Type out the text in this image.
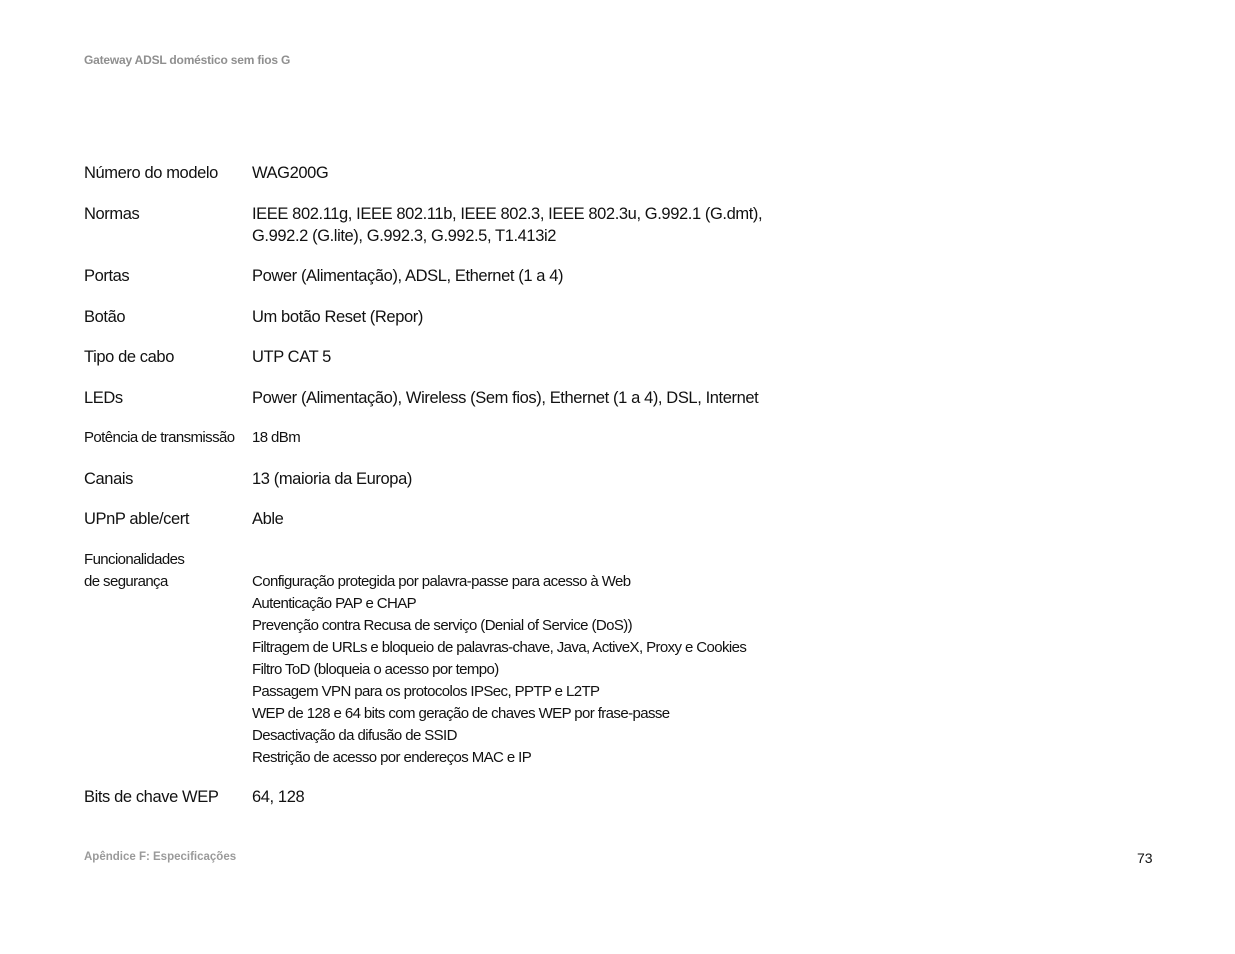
Gateway ADSL doméstico sem fios G
Número do modelo WAG200G
Normas	IEEE 802.11g, IEEE 802.11b, IEEE 802.3, IEEE 802.3u, G.992.1 (G.dmt),
G.992.2 (G.lite), G.992.3, G.992.5, T1.413i2
Portas	Power (Alimentação), ADSL, Ethernet (1 a 4)
Botão	Um botão Reset (Repor)
Tipo de cabo	UTP CAT 5
LEDs	Power (Alimentação), Wireless (Sem fios), Ethernet (1 a 4), DSL, Internet
Potência de transmissão 18 dBm
Canais	13 (maioria da Europa)
UPnP able/cert	Able
Funcionalidades
de segurança	Configuração protegida por palavra-passe para acesso à Web
Autenticação PAP e CHAP
Prevenção contra Recusa de serviço (Denial of Service (DoS))
Filtragem de URLs e bloqueio de palavras-chave, Java, ActiveX, Proxy e Cookies
Filtro ToD (bloqueia o acesso por tempo)
Passagem VPN para os protocolos IPSec, PPTP e L2TP
WEP de 128 e 64 bits com geração de chaves WEP por frase-passe
Desactivação da difusão de SSID
Restrição de acesso por endereços MAC e IP
Bits de chave WEP 64, 128
Apêndice F: Especificações	73
